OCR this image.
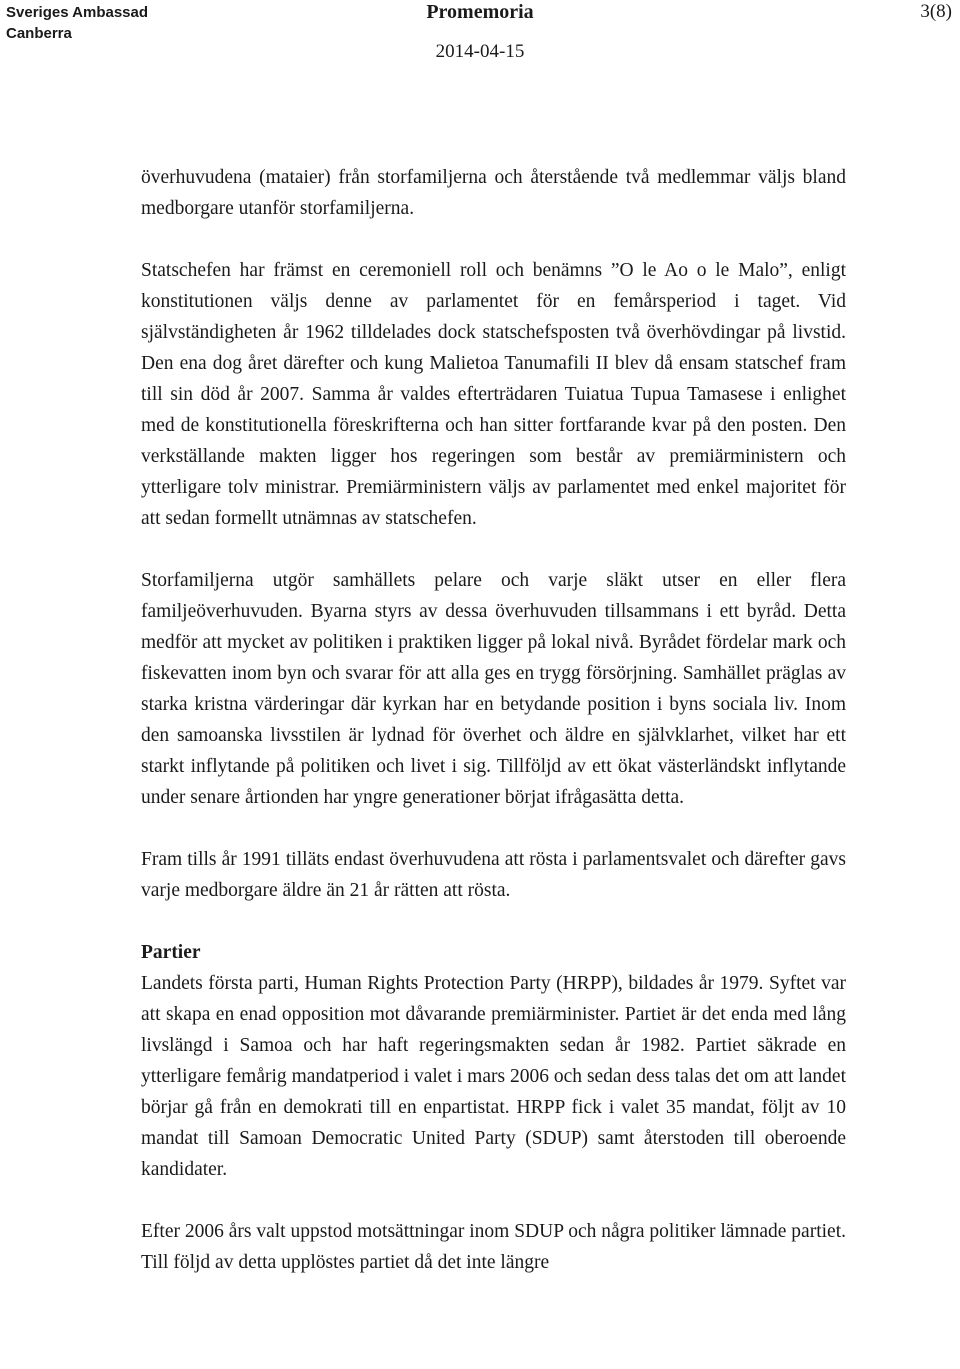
Sveriges Ambassad
Canberra
Promemoria
2014-04-15
3(8)

överhuvudena (mataier) från storfamiljerna och återstående två medlemmar väljs bland medborgare utanför storfamiljerna.

Statschefen har främst en ceremoniell roll och benämns ”O le Ao o le Malo”, enligt konstitutionen väljs denne av parlamentet för en femårsperiod i taget. Vid självständigheten år 1962 tilldelades dock statschefsposten två överhövdingar på livstid. Den ena dog året därefter och kung Malietoa Tanumafili II blev då ensam statschef fram till sin död år 2007. Samma år valdes efterträdaren Tuiatua Tupua Tamasese i enlighet med de konstitutionella föreskrifterna och han sitter fortfarande kvar på den posten. Den verkställande makten ligger hos regeringen som består av premiärministern och ytterligare tolv ministrar. Premiärministern väljs av parlamentet med enkel majoritet för att sedan formellt utnämnas av statschefen.

Storfamiljerna utgör samhällets pelare och varje släkt utser en eller flera familjeöverhuvuden. Byarna styrs av dessa överhuvuden tillsammans i ett byråd. Detta medför att mycket av politiken i praktiken ligger på lokal nivå. Byrådet fördelar mark och fiskevatten inom byn och svarar för att alla ges en trygg försörjning. Samhället präglas av starka kristna värderingar där kyrkan har en betydande position i byns sociala liv. Inom den samoanska livsstilen är lydnad för överhet och äldre en självklarhet, vilket har ett starkt inflytande på politiken och livet i sig. Tillföljd av ett ökat västerländskt inflytande under senare årtionden har yngre generationer börjat ifrågasätta detta.

Fram tills år 1991 tilläts endast överhuvudena att rösta i parlamentsvalet och därefter gavs varje medborgare äldre än 21 år rätten att rösta.

Partier

Landets första parti, Human Rights Protection Party (HRPP), bildades år 1979. Syftet var att skapa en enad opposition mot dåvarande premiärminister. Partiet är det enda med lång livslängd i Samoa och har haft regeringsmakten sedan år 1982. Partiet säkrade en ytterligare femårig mandatperiod i valet i mars 2006 och sedan dess talas det om att landet börjar gå från en demokrati till en enpartistat. HRPP fick i valet 35 mandat, följt av 10 mandat till Samoan Democratic United Party (SDUP) samt återstoden till oberoende kandidater.

Efter 2006 års valt uppstod motsättningar inom SDUP och några politiker lämnade partiet. Till följd av detta upplöstes partiet då det inte längre
